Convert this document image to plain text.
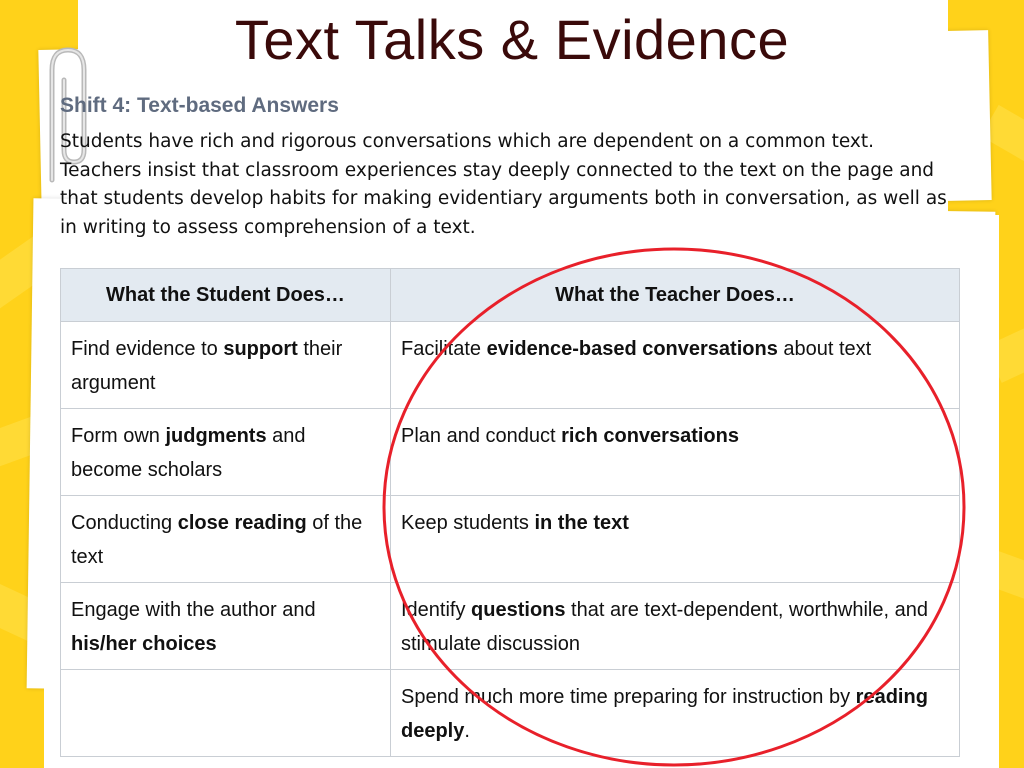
Text Talks & Evidence
Shift 4: Text-based Answers
Students have rich and rigorous conversations which are dependent on a common text. Teachers insist that classroom experiences stay deeply connected to the text on the page and that students develop habits for making evidentiary arguments both in conversation, as well as in writing to assess comprehension of a text.
What the Student Does…	What the Teacher Does…
Find evidence to support their argument	Facilitate evidence-based conversations about text
Form own judgments and become scholars	Plan and conduct rich conversations
Conducting close reading of the text	Keep students in the text
Engage with the author and his/her choices	Identify questions that are text-dependent, worthwhile, and stimulate discussion
	Spend much more time preparing for instruction by reading deeply.
